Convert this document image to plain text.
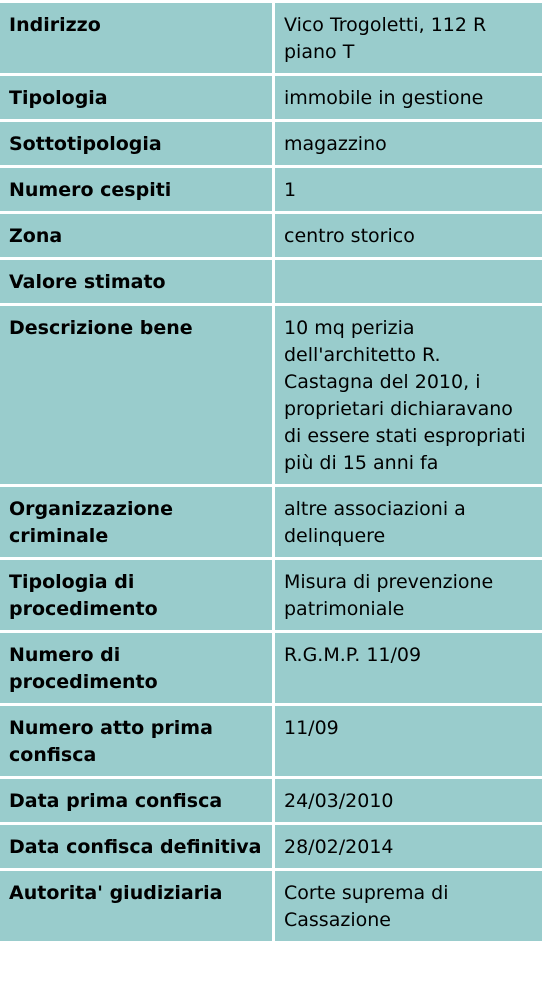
Indirizzo	Vico Trogoletti, 112 R piano T
Tipologia	immobile in gestione
Sottotipologia	magazzino
Numero cespiti	1
Zona	centro storico
Valore stimato	
Descrizione bene	10 mq perizia dell'architetto R. Castagna del 2010, i proprietari dichiaravano di essere stati espropriati più di 15 anni fa
Organizzazione criminale	altre associazioni a delinquere
Tipologia di procedimento	Misura di prevenzione patrimoniale
Numero di procedimento	R.G.M.P. 11/09
Numero atto prima confisca	11/09
Data prima confisca	24/03/2010
Data confisca definitiva	28/02/2014
Autorita' giudiziaria	Corte suprema di Cassazione
